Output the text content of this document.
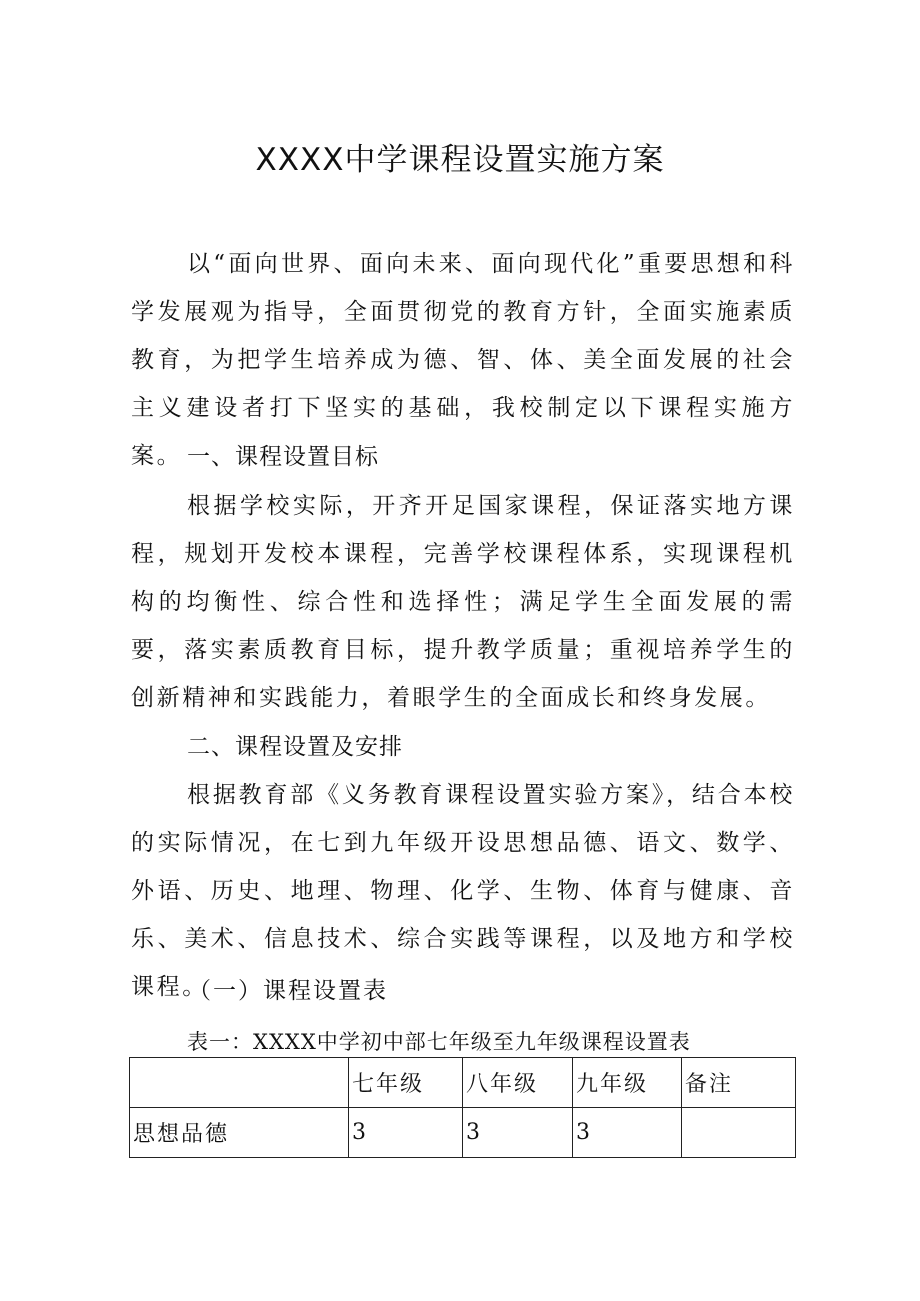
XXXX中学课程设置实施方案

以“面向世界、面向未来、面向现代化”重要思想和科学发展观为指导，全面贯彻党的教育方针，全面实施素质教育，为把学生培养成为德、智、体、美全面发展的社会主义建设者打下坚实的基础，我校制定以下课程实施方案。 一、课程设置目标

根据学校实际，开齐开足国家课程，保证落实地方课程，规划开发校本课程，完善学校课程体系，实现课程机构的均衡性、综合性和选择性；满足学生全面发展的需要，落实素质教育目标，提升教学质量；重视培养学生的创新精神和实践能力，着眼学生的全面成长和终身发展。

二、课程设置及安排

根据教育部《义务教育课程设置实验方案》，结合本校的实际情况，在七到九年级开设思想品德、语文、数学、外语、历史、地理、物理、化学、生物、体育与健康、音乐、美术、信息技术、综合实践等课程，以及地方和学校课程。

（一）课程设置表
表一：XXXX中学初中部七年级至九年级课程设置表
	七年级	八年级	九年级	备注
思想品德	3	3	3	
